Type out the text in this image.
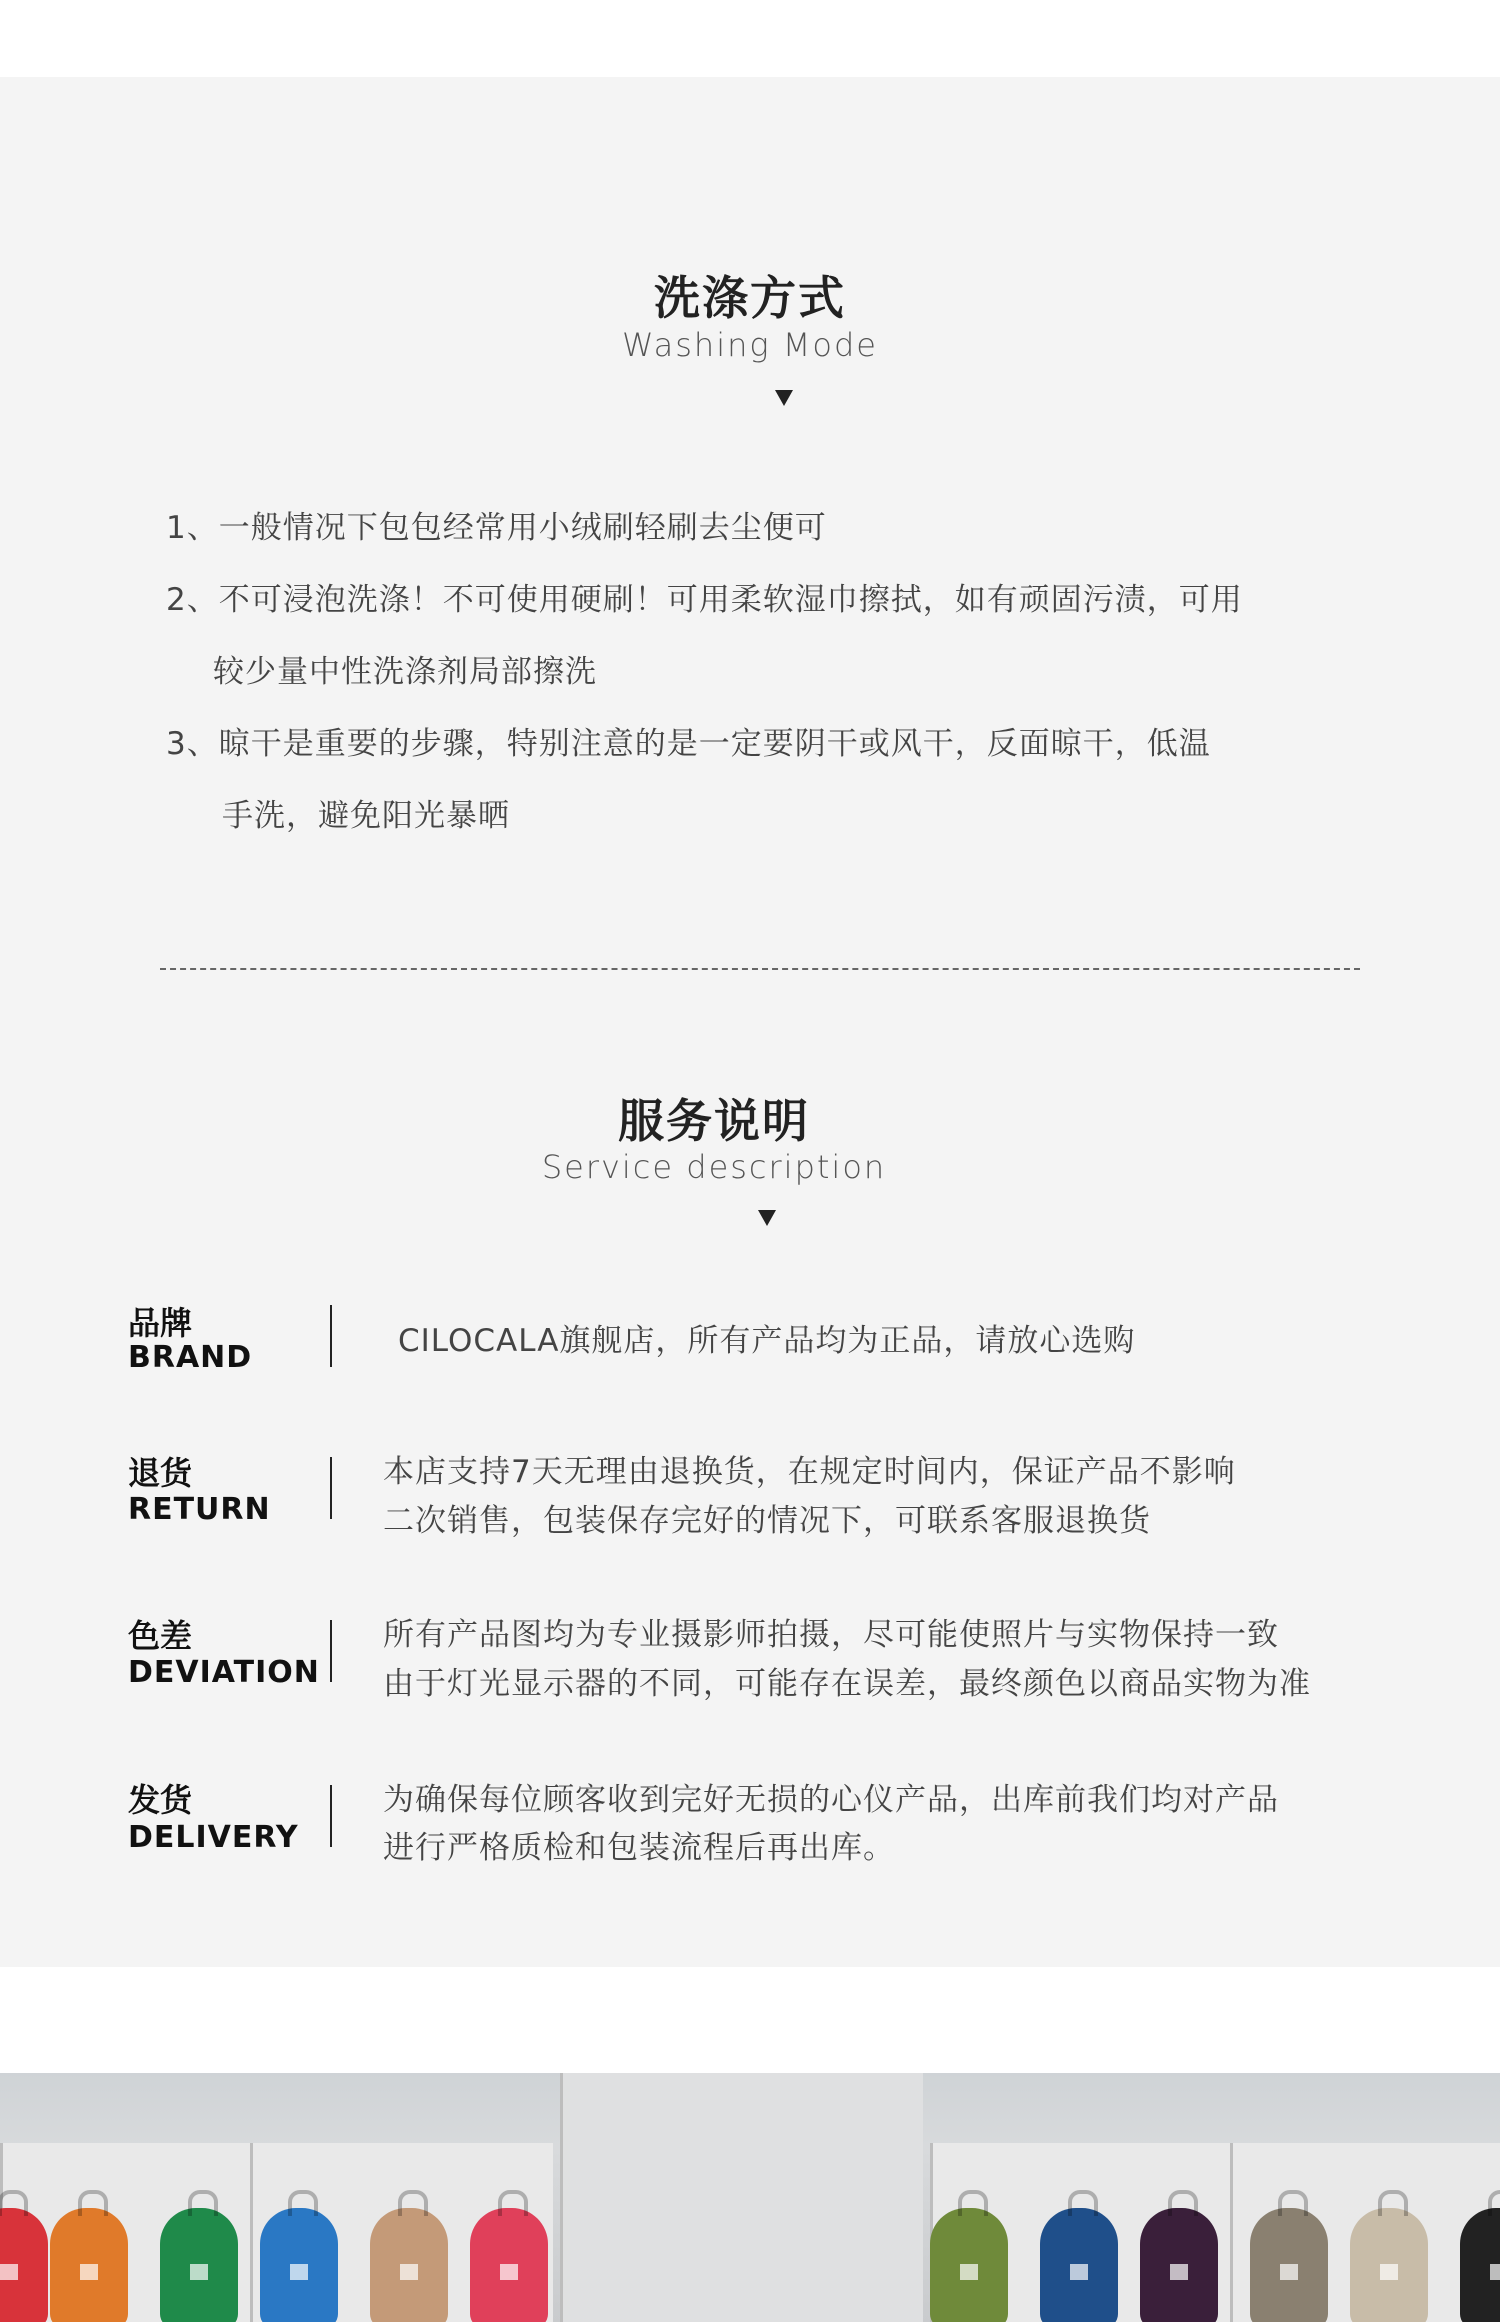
洗涤方式
Washing Mode
1、一般情况下包包经常用小绒刷轻刷去尘便可
2、不可浸泡洗涤！不可使用硬刷！可用柔软湿巾擦拭，如有顽固污渍，可用
较少量中性洗涤剂局部擦洗
3、晾干是重要的步骤，特别注意的是一定要阴干或风干，反面晾干，低温
手洗，避免阳光暴晒
服务说明
Service description
品牌
BRAND	CILOCALA旗舰店，所有产品均为正品，请放心选购
退货
RETURN
本店支持7天无理由退换货，在规定时间内，保证产品不影响
二次销售，包装保存完好的情况下，可联系客服退换货
色差
DEVIATION
所有产品图均为专业摄影师拍摄，尽可能使照片与实物保持一致
由于灯光显示器的不同，可能存在误差，最终颜色以商品实物为准
发货
DELIVERY
为确保每位顾客收到完好无损的心仪产品，出库前我们均对产品
进行严格质检和包装流程后再出库。
